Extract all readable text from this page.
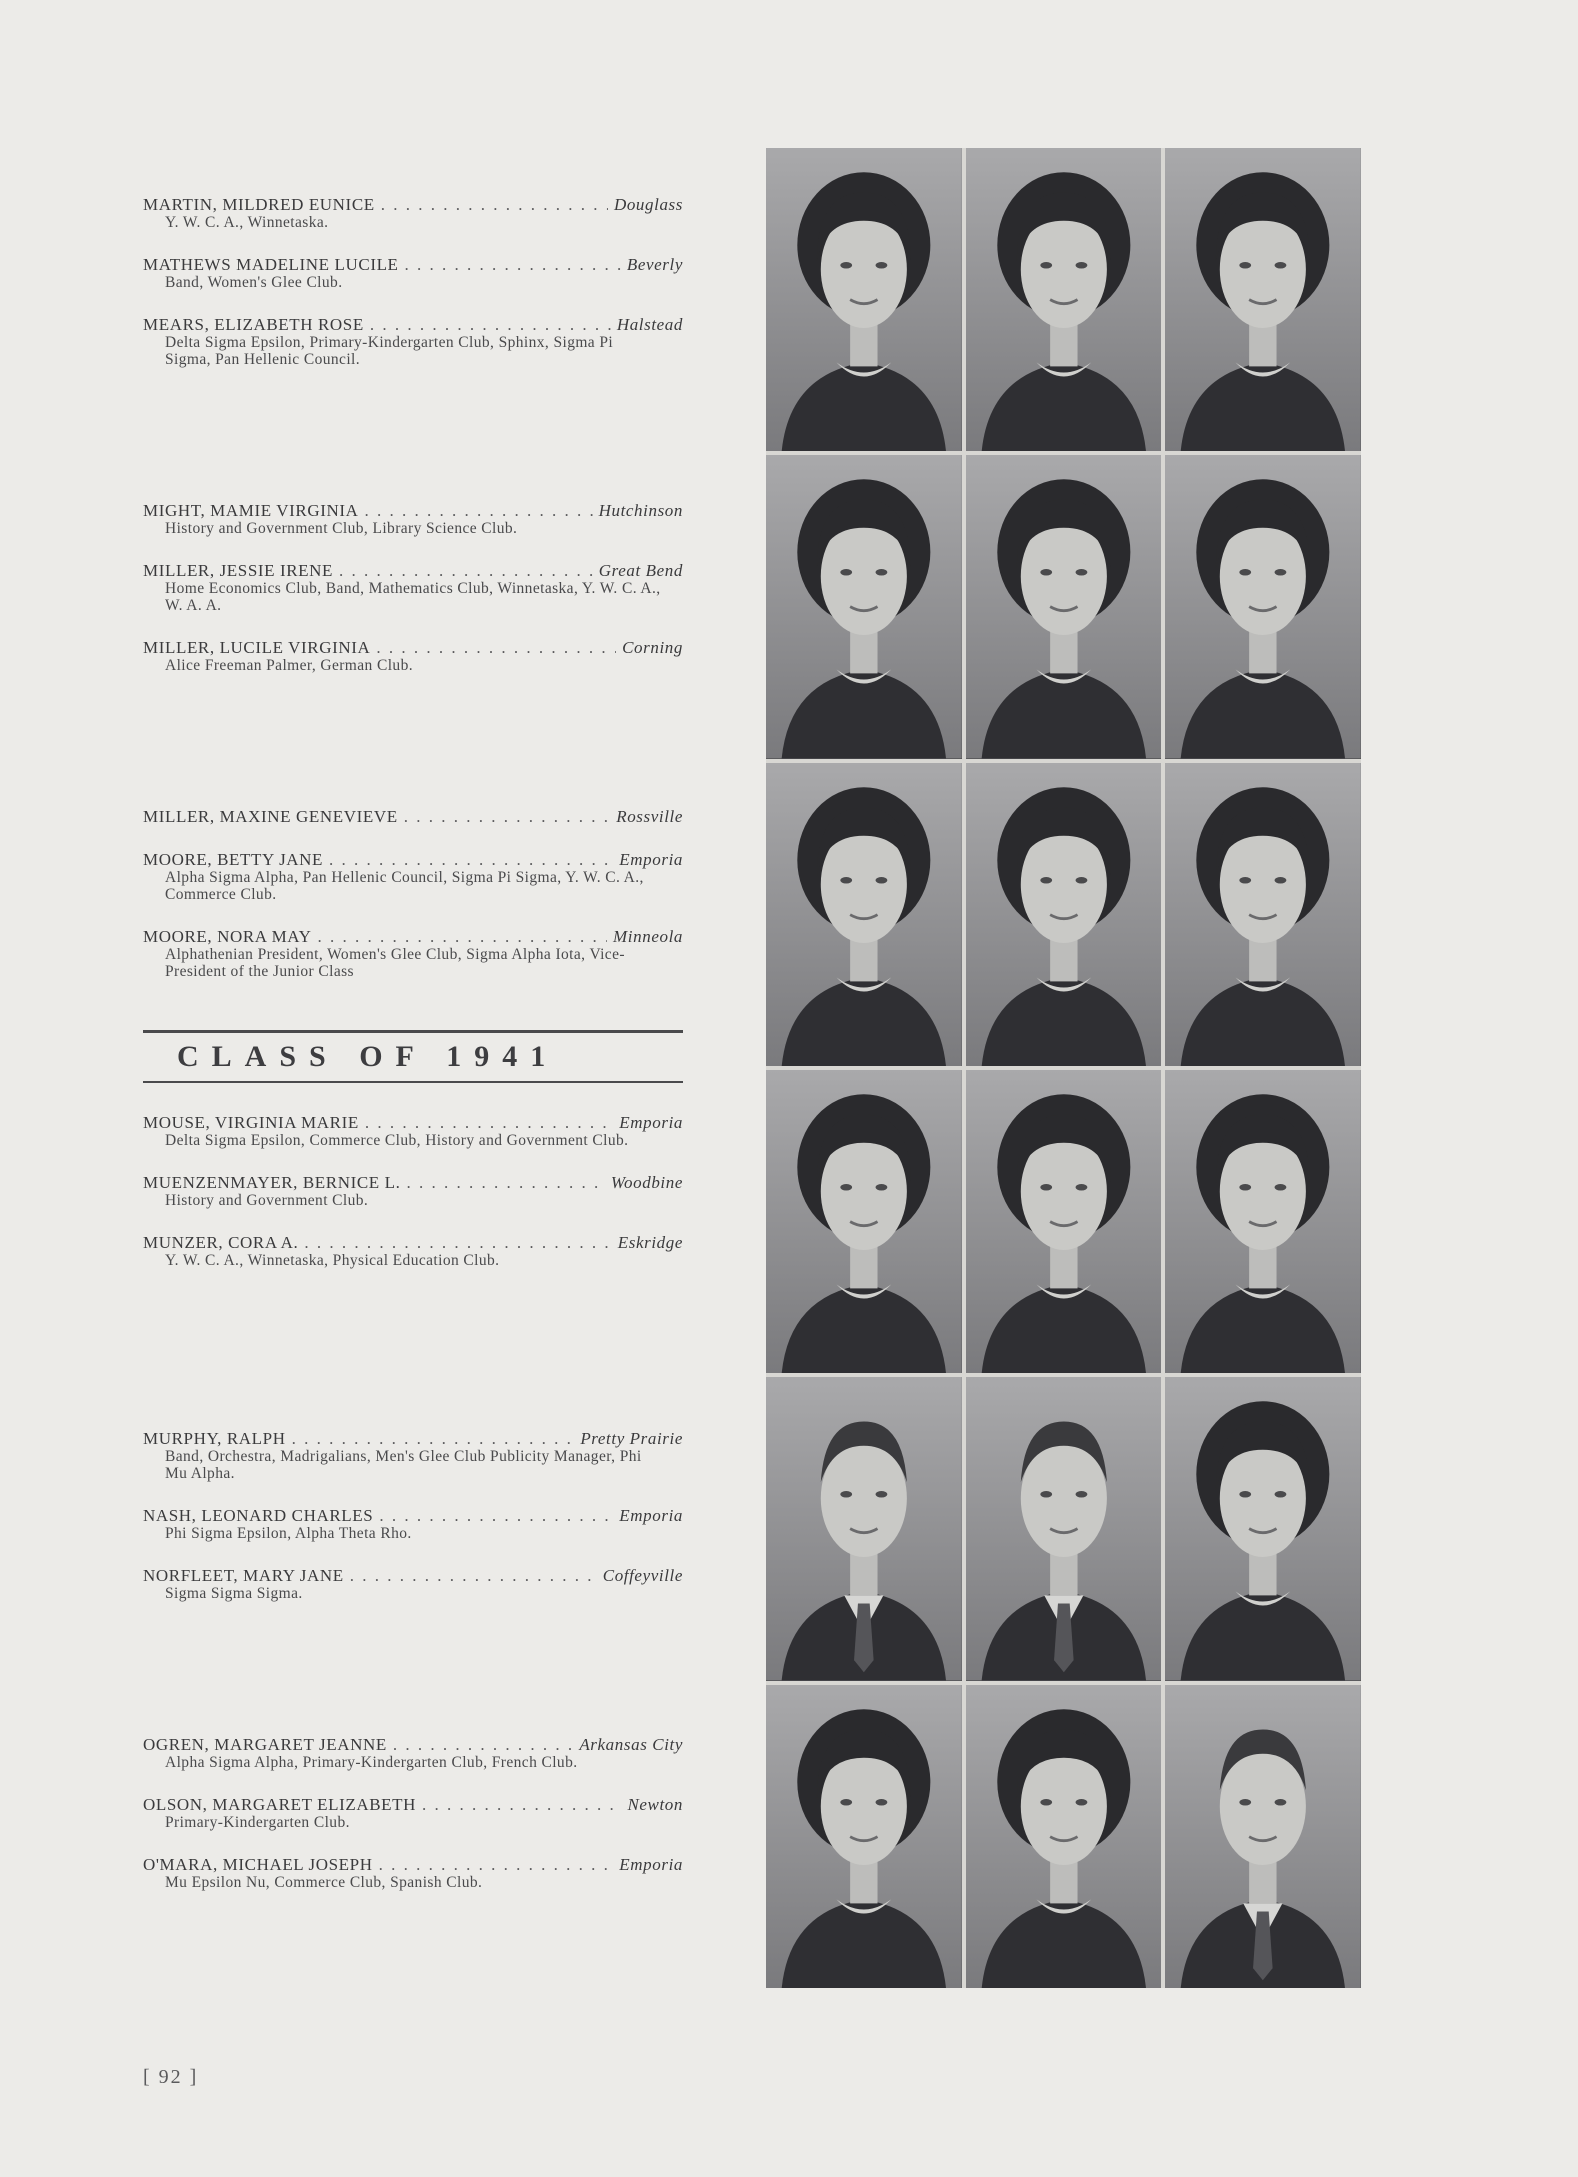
MARTIN, MILDRED EUNICE . . .	Douglass
Y. W. C. A., Winnetaska.
MATHEWS MADELINE LUCILE . . .	Beverly
Band, Women's Glee Club.
MEARS, ELIZABETH ROSE . . .	Halstead
Delta Sigma Epsilon, Primary-Kindergarten Club, Sphinx, Sigma Pi Sigma, Pan Hellenic Council.
MIGHT, MAMIE VIRGINIA . . .	Hutchinson
History and Government Club, Library Science Club.
MILLER, JESSIE IRENE . . .	Great Bend
Home Economics Club, Band, Mathematics Club, Winnetaska, Y. W. C. A., W. A. A.
MILLER, LUCILE VIRGINIA . . .	Corning
Alice Freeman Palmer, German Club.
MILLER, MAXINE GENEVIEVE . . .	Rossville
MOORE, BETTY JANE . . .	Emporia
Alpha Sigma Alpha, Pan Hellenic Council, Sigma Pi Sigma, Y. W. C. A., Commerce Club.
MOORE, NORA MAY . . .	Minneola
Alphathenian President, Women's Glee Club, Sigma Alpha Iota, Vice-President of the Junior Class
MOUSE, VIRGINIA MARIE . . .	Emporia
Delta Sigma Epsilon, Commerce Club, History and Government Club.
MUENZENMAYER, BERNICE L. . . .	Woodbine
History and Government Club.
MUNZER, CORA A. . . .	Eskridge
Y. W. C. A., Winnetaska, Physical Education Club.
MURPHY, RALPH . . .	Pretty Prairie
Band, Orchestra, Madrigalians, Men's Glee Club Publicity Manager, Phi Mu Alpha.
NASH, LEONARD CHARLES . . .	Emporia
Phi Sigma Epsilon, Alpha Theta Rho.
NORFLEET, MARY JANE . . .	Coffeyville
Sigma Sigma Sigma.
OGREN, MARGARET JEANNE . . .	Arkansas City
Alpha Sigma Alpha, Primary-Kindergarten Club, French Club.
OLSON, MARGARET ELIZABETH . . .	Newton
Primary-Kindergarten Club.
O'MARA, MICHAEL JOSEPH . . .	Emporia
Mu Epsilon Nu, Commerce Club, Spanish Club.
CLASS OF 1941
[ 92 ]
